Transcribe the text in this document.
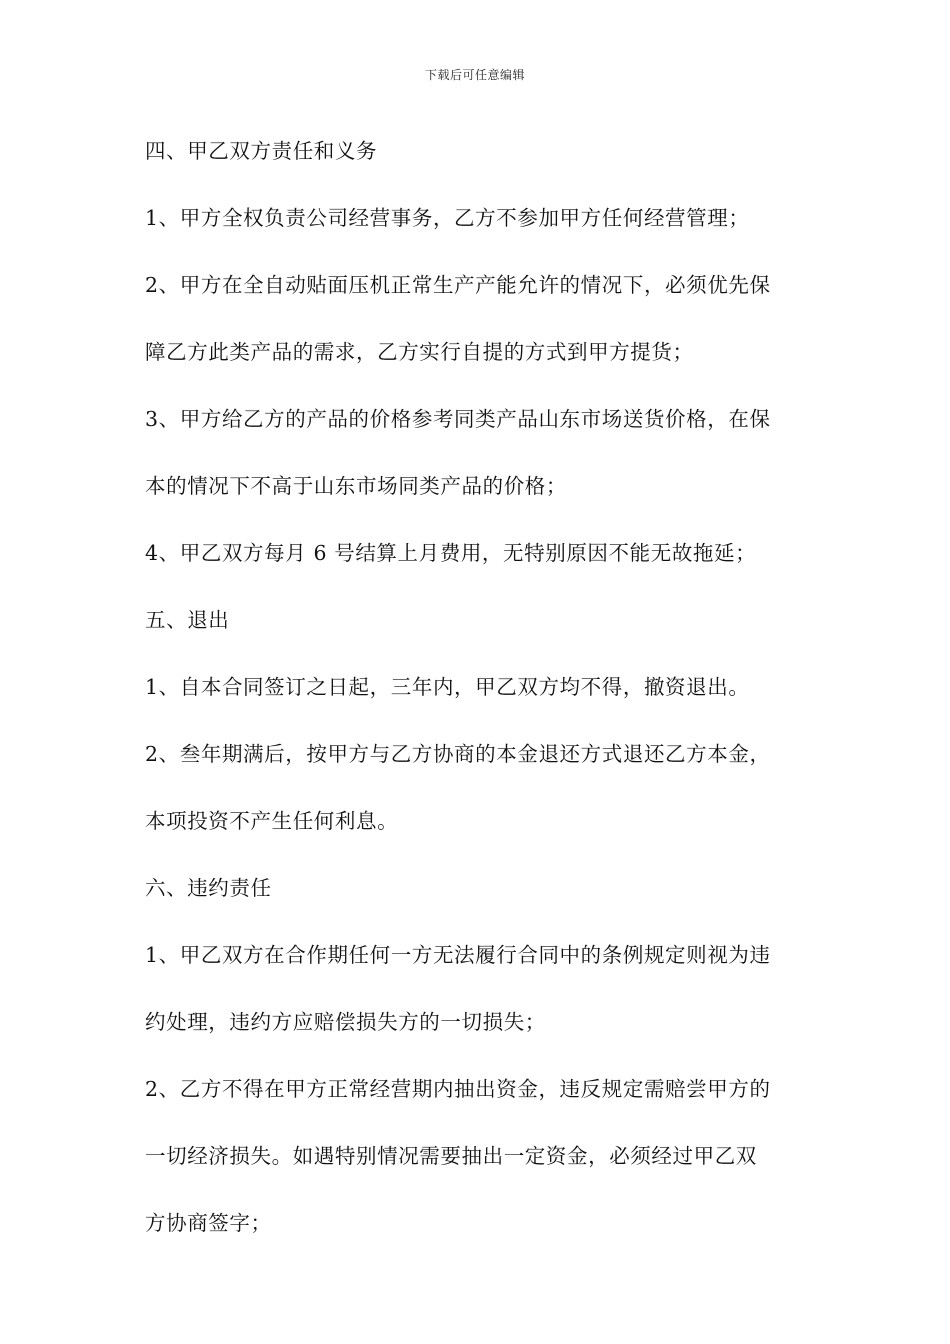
下载后可任意编辑
四、甲乙双方责任和义务
1、甲方全权负责公司经营事务，乙方不参加甲方任何经营管理；
2、甲方在全自动贴面压机正常生产产能允许的情况下，必须优先保
障乙方此类产品的需求，乙方实行自提的方式到甲方提货；
3、甲方给乙方的产品的价格参考同类产品山东市场送货价格，在保
本的情况下不高于山东市场同类产品的价格；
4、甲乙双方每月 6 号结算上月费用，无特别原因不能无故拖延；
五、退出
1、自本合同签订之日起，三年内，甲乙双方均不得，撤资退出。
2、叁年期满后，按甲方与乙方协商的本金退还方式退还乙方本金，
本项投资不产生任何利息。
六、违约责任
1、甲乙双方在合作期任何一方无法履行合同中的条例规定则视为违
约处理，违约方应赔偿损失方的一切损失；
2、乙方不得在甲方正常经营期内抽出资金，违反规定需赔尝甲方的
一切经济损失。如遇特别情况需要抽出一定资金，必须经过甲乙双
方协商签字；
